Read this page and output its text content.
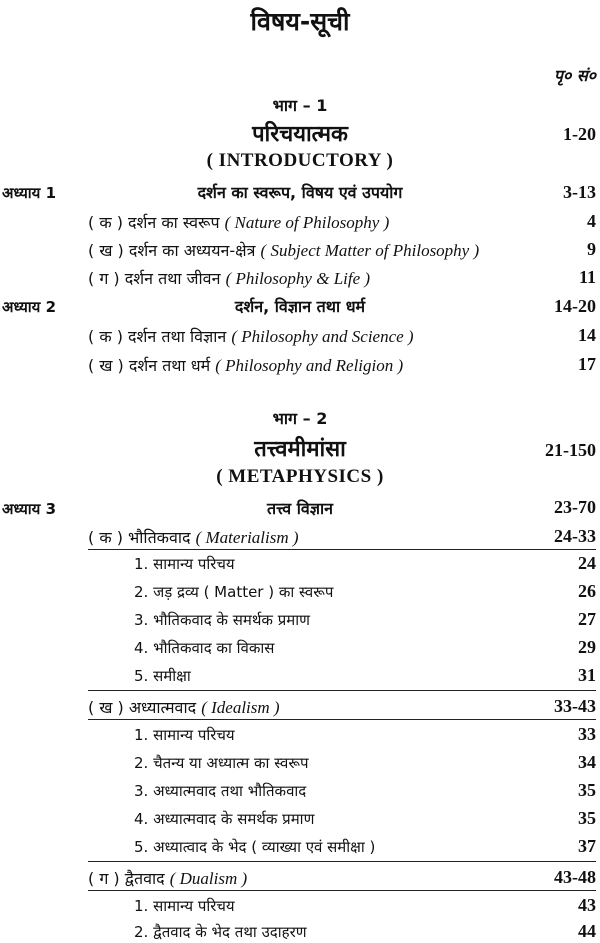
विषय-सूची
पृ० सं०
भाग – 1
परिचयात्मक	1-20
( INTRODUCTORY )
अध्याय 1	दर्शन का स्वरूप, विषय एवं उपयोग	3-13
( क ) दर्शन का स्वरूप ( Nature of Philosophy )	4
( ख ) दर्शन का अध्ययन-क्षेत्र ( Subject Matter of Philosophy )	9
( ग ) दर्शन तथा जीवन ( Philosophy & Life )	11
अध्याय 2	दर्शन, विज्ञान तथा धर्म	14-20
( क ) दर्शन तथा विज्ञान ( Philosophy and Science )	14
( ख ) दर्शन तथा धर्म ( Philosophy and Religion )	17
भाग – 2
तत्त्वमीमांसा	21-150
( METAPHYSICS )
अध्याय 3	तत्त्व विज्ञान	23-70
( क ) भौतिकवाद ( Materialism )	24-33
1. सामान्य परिचय	24
2. जड़ द्रव्य ( Matter ) का स्वरूप	26
3. भौतिकवाद के समर्थक प्रमाण	27
4. भौतिकवाद का विकास	29
5. समीक्षा	31
( ख ) अध्यात्मवाद ( Idealism )	33-43
1. सामान्य परिचय	33
2. चैतन्य या अध्यात्म का स्वरूप	34
3. अध्यात्मवाद तथा भौतिकवाद	35
4. अध्यात्मवाद के समर्थक प्रमाण	35
5. अध्यात्वाद के भेद ( व्याख्या एवं समीक्षा )	37
( ग ) द्वैतवाद ( Dualism )	43-48
1. सामान्य परिचय	43
2. द्वैतवाद के भेद तथा उदाहरण	44
